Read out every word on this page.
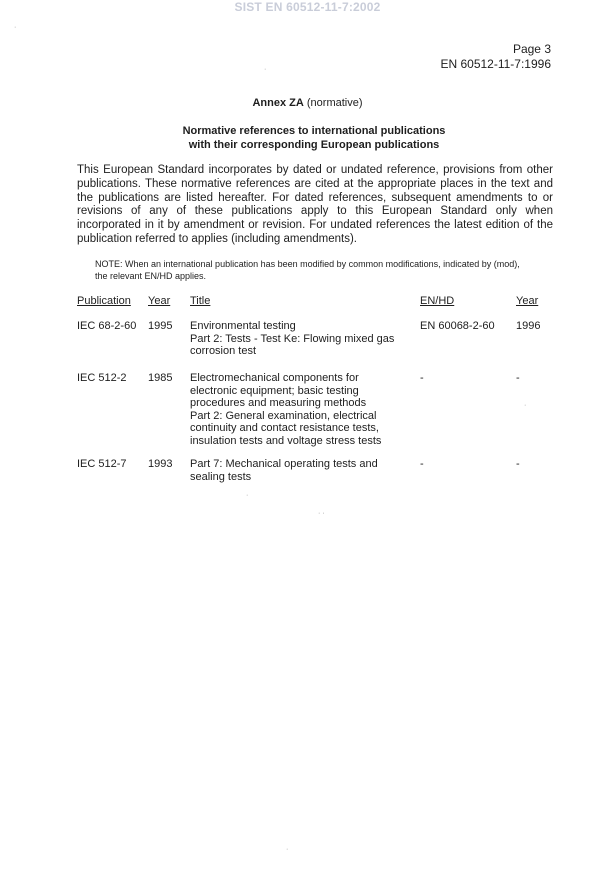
SIST EN 60512-11-7:2002
Page 3
EN 60512-11-7:1996
Annex ZA (normative)
Normative references to international publications
with their corresponding European publications
This European Standard incorporates by dated or undated reference, provisions from other publications. These normative references are cited at the appropriate places in the text and the publications are listed hereafter. For dated references, subsequent amendments to or revisions of any of these publications apply to this European Standard only when incorporated in it by amendment or revision. For undated references the latest edition of the publication referred to applies (including amendments).
NOTE: When an international publication has been modified by common modifications, indicated by (mod),
the relevant EN/HD applies.
Publication Year Title	EN/HD	Year
IEC 68-2-60 1995 Environmental testing
Part 2: Tests - Test Ke: Flowing mixed gas
corrosion test
EN 60068-2-60 1996
IEC 512-2 1985 Electromechanical components for
electronic equipment; basic testing
procedures and measuring methods
Part 2: General examination, electrical
continuity and contact resistance tests,
insulation tests and voltage stress tests
-	-
IEC 512-7 1993 Part 7: Mechanical operating tests and
sealing tests
-	-
·
·
· ·
·
·
·
